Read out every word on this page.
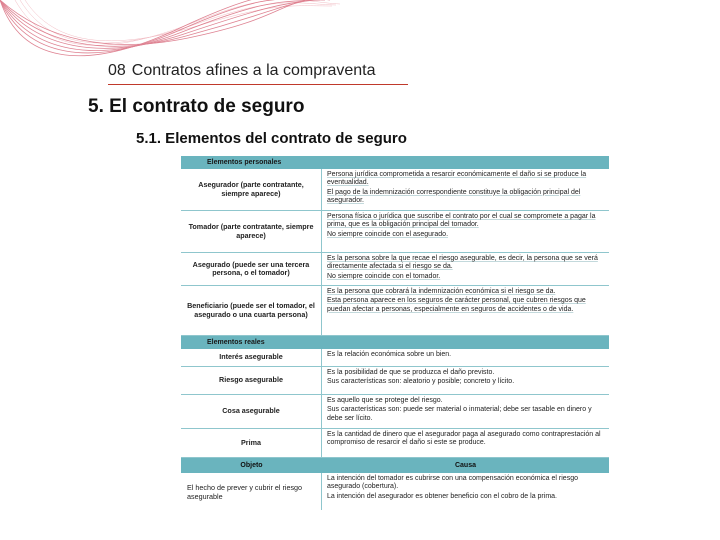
08 Contratos afines a la compraventa
5. El contrato de seguro
5.1. Elementos del contrato de seguro
Elementos personales
Asegurador (parte contratante, siempre aparece)

Persona jurídica comprometida a resarcir económicamente el daño si se produce la eventualidad.

El pago de la indemnización correspondiente constituye la obligación principal del asegurador.

Tomador (parte contratante, siempre aparece)

Persona física o jurídica que suscribe el contrato por el cual se compromete a pagar la prima, que es la obligación principal del tomador.

No siempre coincide con el asegurado.

Asegurado (puede ser una tercera persona, o el tomador)

Es la persona sobre la que recae el riesgo asegurable, es decir, la persona que se verá directamente afectada si el riesgo se da.

No siempre coincide con el tomador.

Beneficiario (puede ser el tomador, el asegurado o una cuarta persona)

Es la persona que cobrará la indemnización económica si el riesgo se da.

Esta persona aparece en los seguros de carácter personal, que cubren riesgos que puedan afectar a personas, especialmente en seguros de accidentes o de vida.

Elementos reales
Interés asegurable	Es la relación económica sobre un bien.

Riesgo asegurable

Es la posibilidad de que se produzca el daño previsto.

Sus características son: aleatorio y posible; concreto y lícito.

Cosa asegurable

Es aquello que se protege del riesgo.

Sus características son: puede ser material o inmaterial; debe ser tasable en dinero y debe ser lícito.

Prima

Es la cantidad de dinero que el asegurador paga al asegurado como contraprestación al compromiso de resarcir el daño si este se produce.

Objeto	Causa
El hecho de prever y cubrir el riesgo asegurable

La intención del tomador es cubrirse con una compensación económica el riesgo asegurado (cobertura).

La intención del asegurador es obtener beneficio con el cobro de la prima.
